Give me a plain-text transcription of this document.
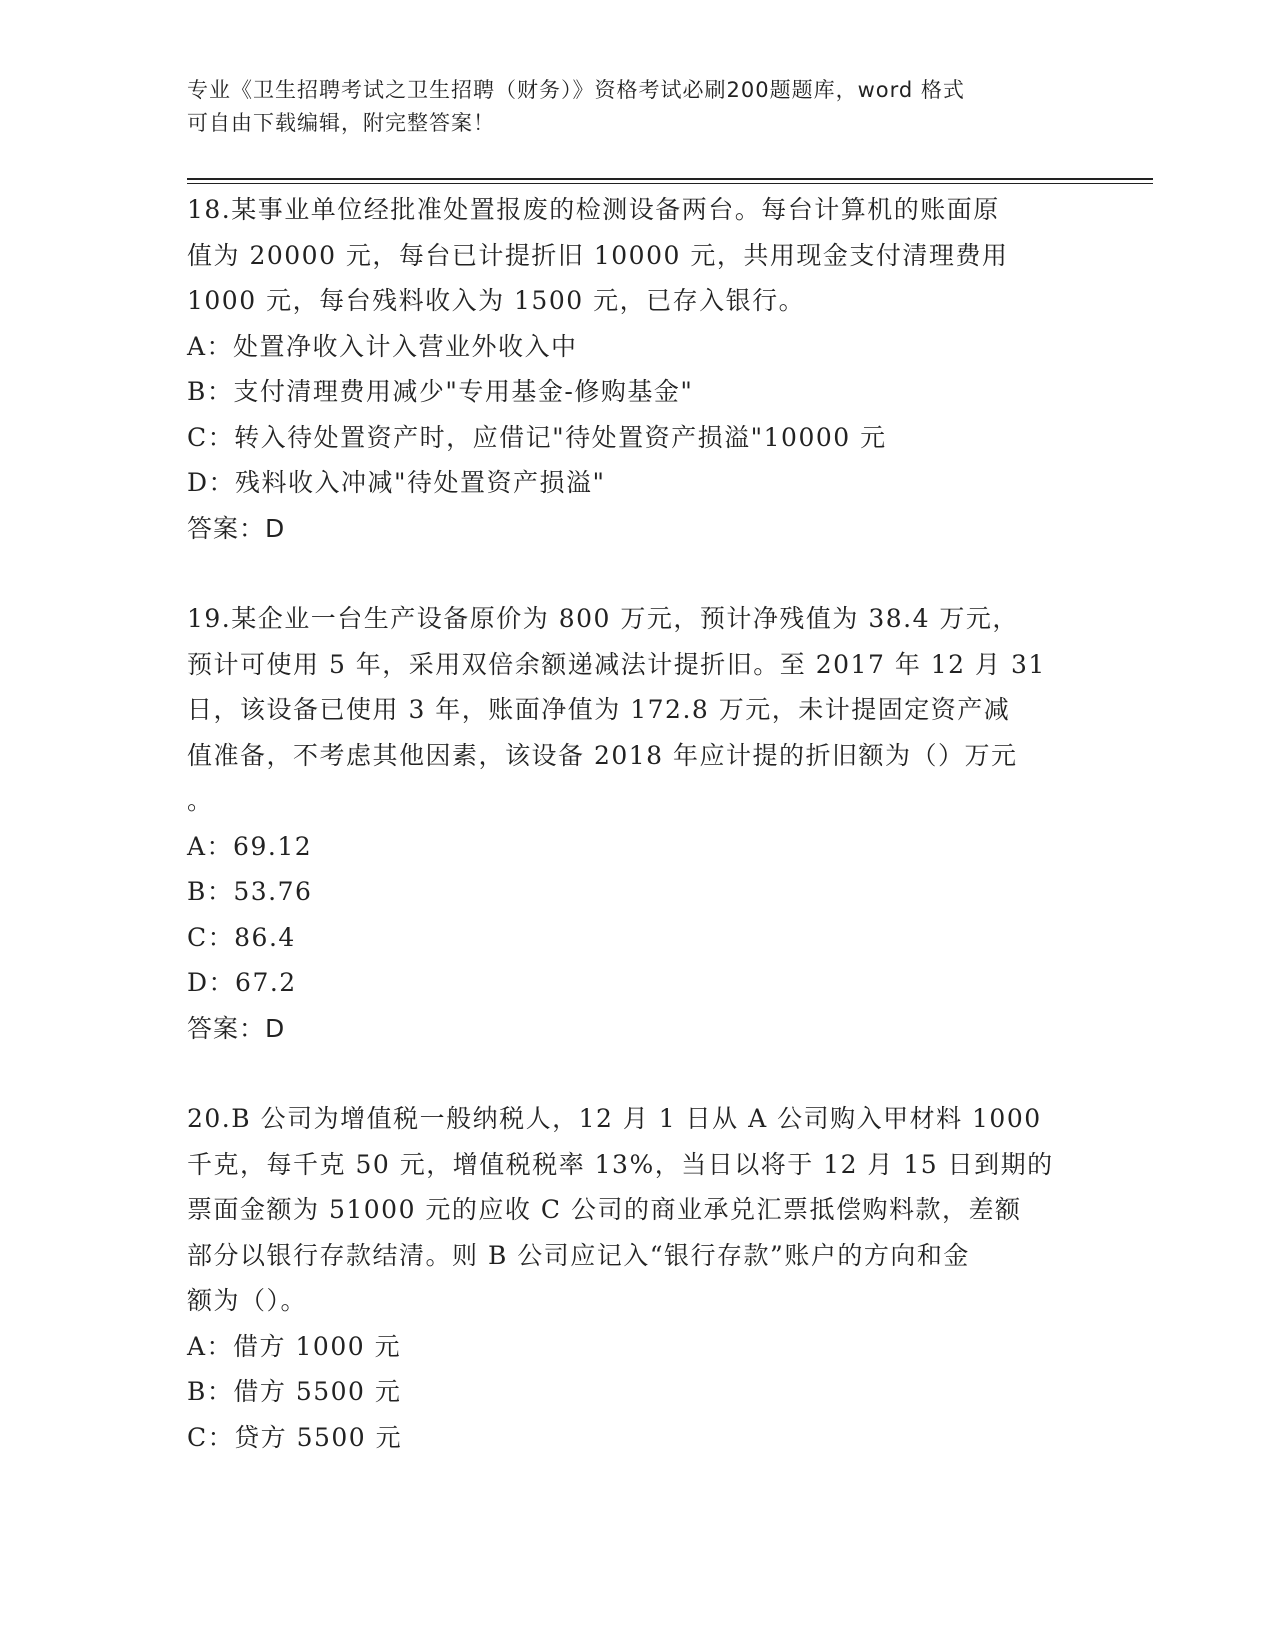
专业《卫生招聘考试之卫生招聘（财务）》资格考试必刷200题题库，word 格式
可自由下载编辑，附完整答案！
18.某事业单位经批准处置报废的检测设备两台。每台计算机的账面原
值为 20000 元，每台已计提折旧 10000 元，共用现金支付清理费用
1000 元，每台残料收入为 1500 元，已存入银行。
A：处置净收入计入营业外收入中
B：支付清理费用减少"专用基金-修购基金"
C：转入待处置资产时，应借记"待处置资产损溢"10000 元
D：残料收入冲减"待处置资产损溢"
答案：D
19.某企业一台生产设备原价为 800 万元，预计净残值为 38.4 万元，
预计可使用 5 年，采用双倍余额递减法计提折旧。至 2017 年 12 月 31
日，该设备已使用 3 年，账面净值为 172.8 万元，未计提固定资产减
值准备，不考虑其他因素，该设备 2018 年应计提的折旧额为（）万元
。
A：69.12
B：53.76
C：86.4
D：67.2
答案：D
20.B 公司为增值税一般纳税人，12 月 1 日从 A 公司购入甲材料 1000
千克，每千克 50 元，增值税税率 13%，当日以将于 12 月 15 日到期的
票面金额为 51000 元的应收 C 公司的商业承兑汇票抵偿购料款，差额
部分以银行存款结清。则 B 公司应记入“银行存款”账户的方向和金
额为（）。
A：借方 1000 元
B：借方 5500 元
C：贷方 5500 元
